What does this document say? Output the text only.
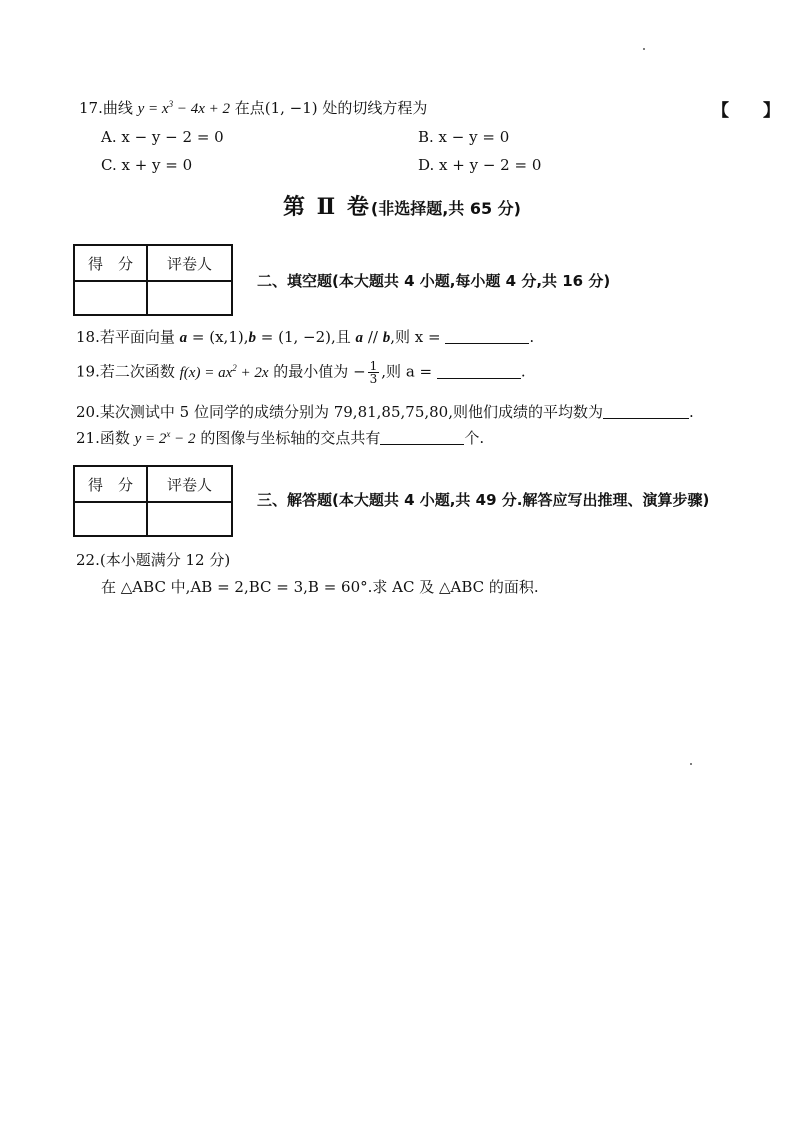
17.曲线 $y = x^3 - 4x + 2$ 在点(1, −1) 处的切线方程为	【　　】
A. x − y − 2 = 0	B. x − y = 0
C. x + y = 0	D. x + y − 2 = 0
第 Ⅱ 卷(非选择题,共 65 分)
得　分	评卷人

二、填空题(本大题共 4 小题,每小题 4 分,共 16 分)
18.若平面向量 a = (x,1),b = (1, −2),且 a // b,则 x =	.
19.若二次函数 $f(x) = ax^2 + 2x$ 的最小值为 − $\frac{1}{3}$ ,则 a =	.
20.某次测试中 5 位同学的成绩分别为 79,81,85,75,80,则他们成绩的平均数为	.
21.函数 $y = 2^x - 2$ 的图像与坐标轴的交点共有	个.
得　分	评卷人

三、解答题(本大题共 4 小题,共 49 分.解答应写出推理、演算步骤)
22.(本小题满分 12 分)
在 △ABC 中,AB = 2,BC = 3,B = 60°.求 AC 及 △ABC 的面积.
